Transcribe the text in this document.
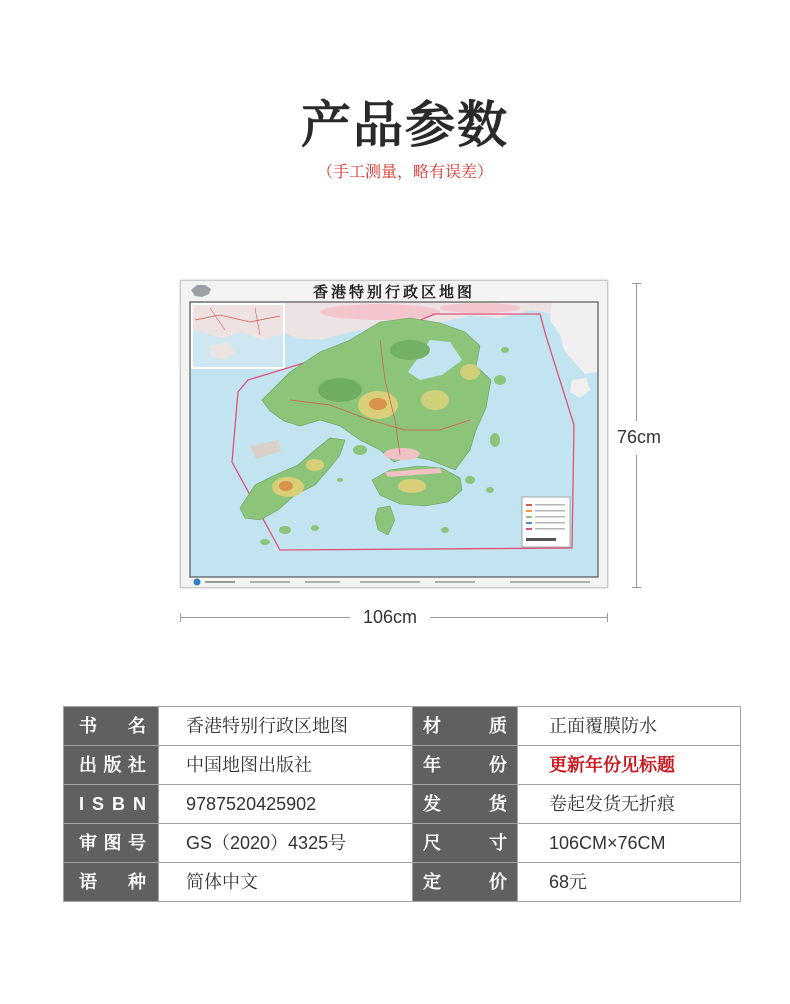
产品参数
（手工测量，略有误差）
香港特别行政区地图
76cm
106cm
书名	香港特别行政区地图	材质	正面覆膜防水
出版社	中国地图出版社	年份	更新年份见标题
ISBN	9787520425902	发货	卷起发货无折痕
审图号	GS（2020）4325号	尺寸	106CM×76CM
语种	简体中文	定价	68元
